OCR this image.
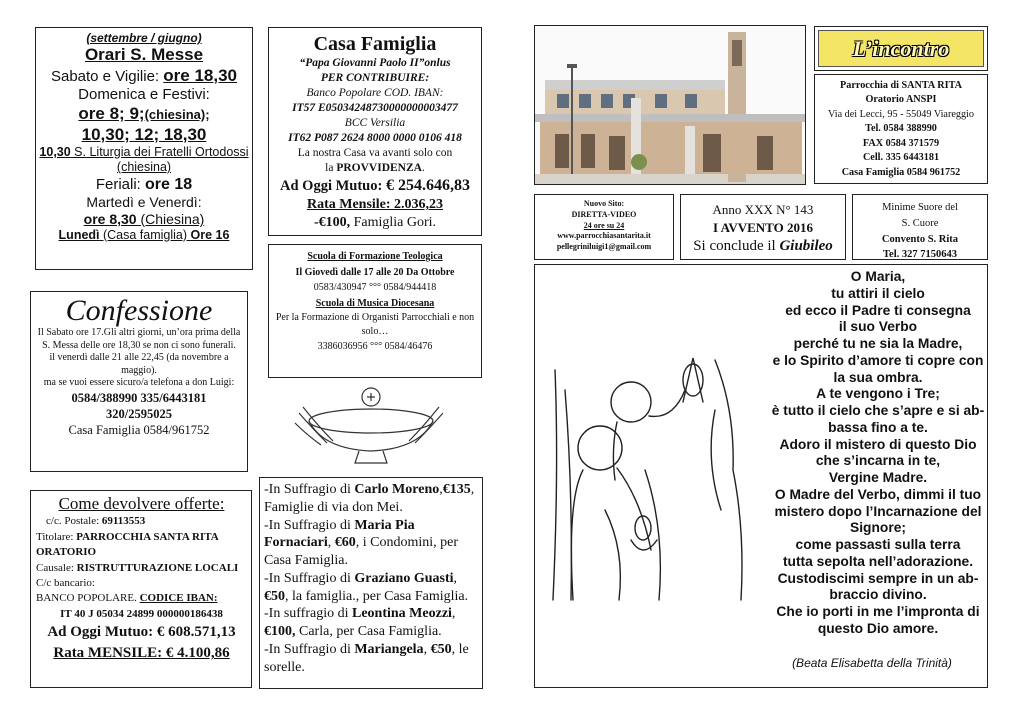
(settembre / giugno)
Orari S. Messe
Sabato e Vigilie: ore 18,30
Domenica e Festivi:
ore 8; 9;(chiesina);
10,30; 12; 18,30
10,30 S. Liturgia dei Fratelli Ortodossi (chiesina)
Feriali: ore 18
Martedì e Venerdì:
ore 8,30 (Chiesina)
Lunedì (Casa famiglia) Ore 16
Casa Famiglia
“Papa Giovanni Paolo II”onlus
PER CONTRIBUIRE:
Banco Popolare COD. IBAN:
IT57 E05034248730000000003477
BCC Versilia
IT62 P087 2624 8000 0000 0106 418
La nostra Casa va avanti solo con
la PROVVIDENZA.
Ad Oggi Mutuo: € 254.646,83
Rata Mensile: 2.036,23
-€100, Famiglia Gori.
Scuola di Formazione Teologica
Il Giovedì dalle 17 alle 20 Da Ottobre
0583/430947 °°° 0584/944418
Scuola di Musica Diocesana
Per la Formazione di Organisti Parrocchiali e non solo…
3386036956 °°° 0584/46476
L’incontro
Parrocchia di SANTA RITA
Oratorio ANSPI
Via dei Lecci, 95 - 55049 Viareggio
Tel. 0584 388990
FAX 0584 371579
Cell. 335 6443181
Casa Famiglia 0584 961752
Nuovo Sito:
DIRETTA-VIDEO
24 ore su 24
www.parrocchiasantarita.it
pellegriniluigi1@gmail.com
Anno XXX N° 143
I AVVENTO 2016
Si conclude il Giubileo
Minime Suore del
S. Cuore
Convento S. Rita
Tel. 327 7150643
Confessione
Il Sabato ore 17.Gli altri giorni, un’ora prima della S. Messa delle ore 18,30 se non ci sono funerali.
il venerdì dalle 21 alle 22,45 (da novembre a maggio).
ma se vuoi essere sicuro/a telefona a don Luigi:
0584/388990 335/6443181
320/2595025
Casa Famiglia 0584/961752
Come devolvere offerte:
c/c. Postale: 69113553
Titolare: PARROCCHIA SANTA RITA ORATORIO
Causale: RISTRUTTURAZIONE LOCALI C/c bancario:
BANCO POPOLARE. CODICE IBAN:
IT 40 J 05034 24899 000000186438
Ad Oggi Mutuo: € 608.571,13
Rata MENSILE: € 4.100,86
-In Suffragio di Carlo Moreno,€135, Famiglie di via don Mei.
-In Suffragio di Maria Pia Fornaciari, €60, i Condomini, per Casa Famiglia.
-In Suffragio di Graziano Guasti, €50, la famiglia., per Casa Famiglia.
-In suffragio di Leontina Meozzi, €100, Carla, per Casa Famiglia.
-In Suffragio di Mariangela, €50, le sorelle.
O Maria,
tu attiri il cielo
ed ecco il Padre ti consegna
il suo Verbo
perché tu ne sia la Madre,
e lo Spirito d’amore ti copre con la sua ombra.
A te vengono i Tre;
è tutto il cielo che s’apre e si ab-bassa fino a te.
Adoro il mistero di questo Dio
che s’incarna in te,
Vergine Madre.
O Madre del Verbo, dimmi il tuo mistero dopo l’Incarnazione del Signore;
come passasti sulla terra
tutta sepolta nell’adorazione.
Custodiscimi sempre in un ab-braccio divino.
Che io porti in me l’impronta di questo Dio amore.
(Beata Elisabetta della Trinità)
